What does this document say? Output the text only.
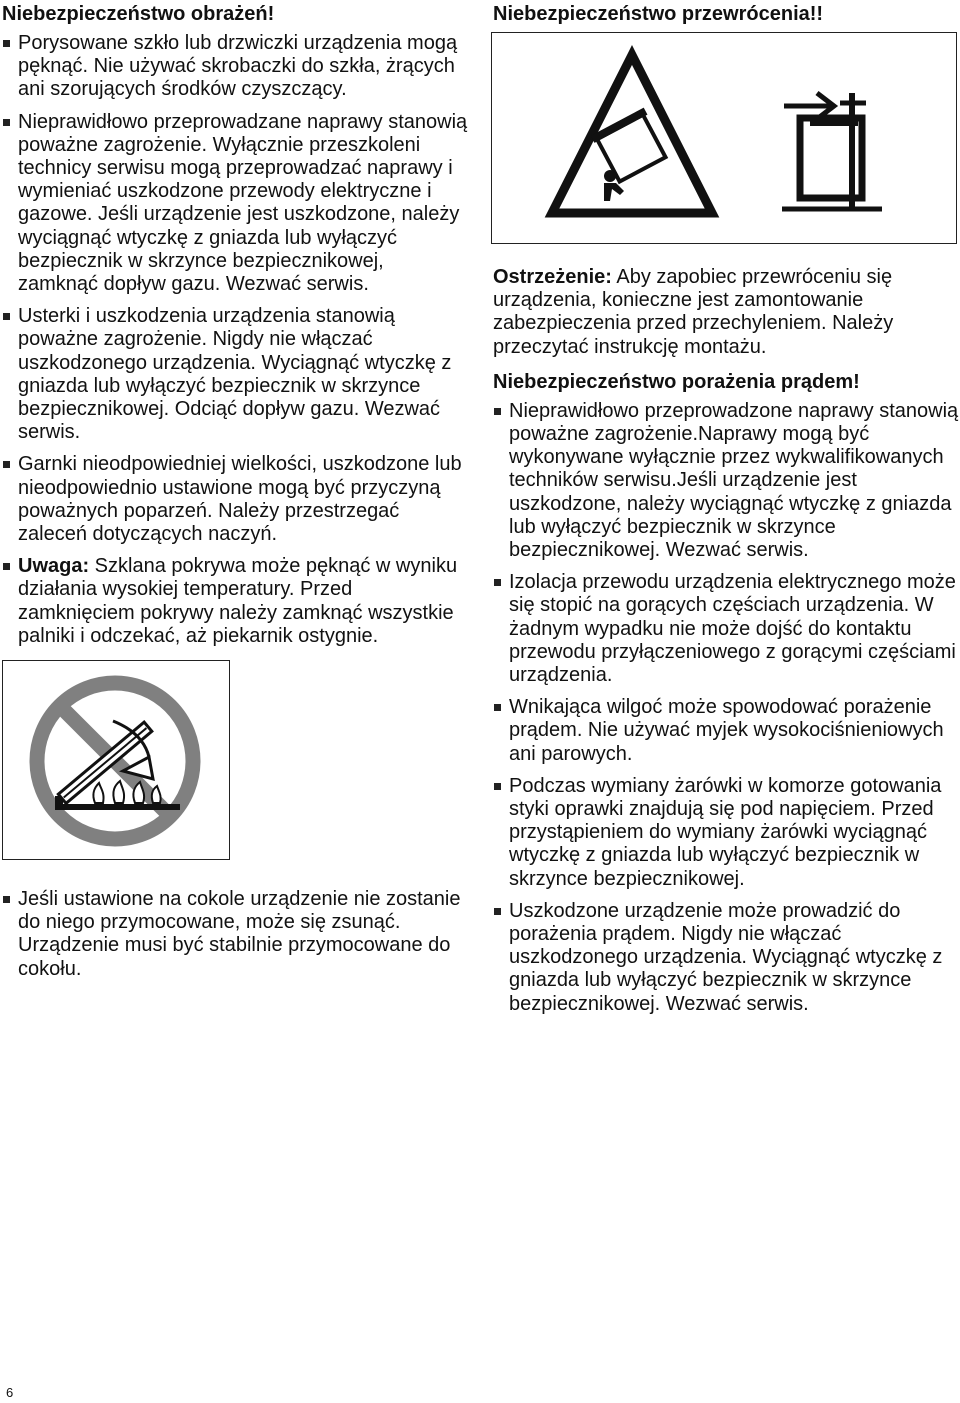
Niebezpieczeństwo obrażeń!
Porysowane szkło lub drzwiczki urządzenia mogą pęknąć. Nie używać skrobaczki do szkła, żrących ani szorujących środków czyszczący.
Nieprawidłowo przeprowadzane naprawy stanowią poważne zagrożenie. Wyłącznie przeszkoleni technicy serwisu mogą przeprowadzać naprawy i wymieniać uszkodzone przewody elektryczne i gazowe. Jeśli urządzenie jest uszkodzone, należy wyciągnąć wtyczkę z gniazda lub wyłączyć bezpiecznik w skrzynce bezpiecznikowej, zamknąć dopływ gazu. Wezwać serwis.
Usterki i uszkodzenia urządzenia stanowią poważne zagrożenie. Nigdy nie włączać uszkodzonego urządzenia. Wyciągnąć wtyczkę z gniazda lub wyłączyć bezpiecznik w skrzynce bezpiecznikowej. Odciąć dopływ gazu. Wezwać serwis.
Garnki nieodpowiedniej wielkości, uszkodzone lub nieodpowiednio ustawione mogą być przyczyną poważnych poparzeń. Należy przestrzegać zaleceń dotyczących naczyń.
Uwaga: Szklana pokrywa może pęknąć w wyniku działania wysokiej temperatury. Przed zamknięciem pokrywy należy zamknąć wszystkie palniki i odczekać, aż piekarnik ostygnie.
Jeśli ustawione na cokole urządzenie nie zostanie do niego przymocowane, może się zsunąć. Urządzenie musi być stabilnie przymocowane do cokołu.
Niebezpieczeństwo przewrócenia!!

Ostrzeżenie: Aby zapobiec przewróceniu się urządzenia, konieczne jest zamontowanie zabezpieczenia przed przechyleniem. Należy przeczytać instrukcję montażu.

Niebezpieczeństwo porażenia prądem!
Nieprawidłowo przeprowadzone naprawy stanowią poważne zagrożenie.Naprawy mogą być wykonywane wyłącznie przez wykwalifikowanych techników serwisu.Jeśli urządzenie jest uszkodzone, należy wyciągnąć wtyczkę z gniazda lub wyłączyć bezpiecznik w skrzynce bezpiecznikowej. Wezwać serwis.
Izolacja przewodu urządzenia elektrycznego może się stopić na gorących częściach urządzenia. W żadnym wypadku nie może dojść do kontaktu przewodu przyłączeniowego z gorącymi częściami urządzenia.
Wnikająca wilgoć może spowodować porażenie prądem. Nie używać myjek wysokociśnieniowych ani parowych.
Podczas wymiany żarówki w komorze gotowania styki oprawki znajdują się pod napięciem. Przed przystąpieniem do wymiany żarówki wyciągnąć wtyczkę z gniazda lub wyłączyć bezpiecznik w skrzynce bezpiecznikowej.
Uszkodzone urządzenie może prowadzić do porażenia prądem. Nigdy nie włączać uszkodzonego urządzenia. Wyciągnąć wtyczkę z gniazda lub wyłączyć bezpiecznik w skrzynce bezpiecznikowej. Wezwać serwis.
6
